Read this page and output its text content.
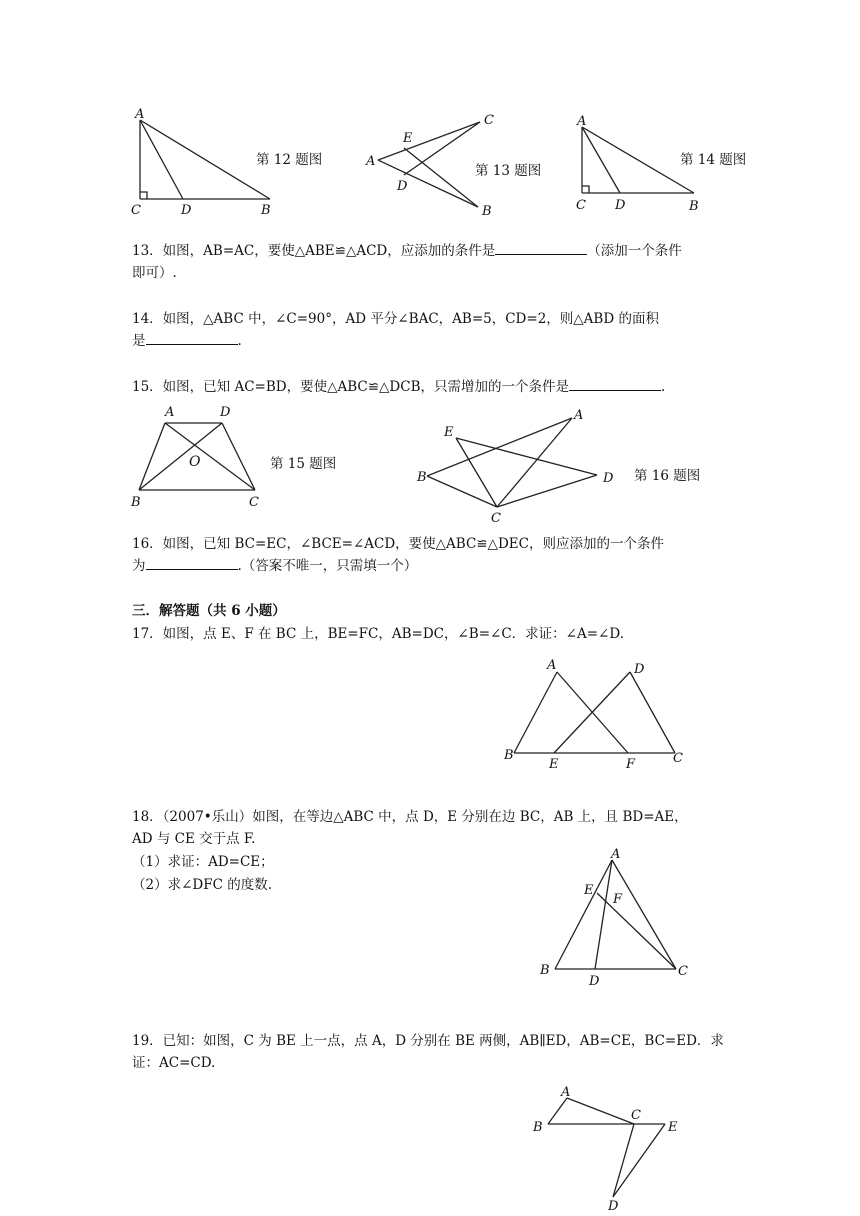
A
C	D	B
第 12 题图	A
E
D
C
B
第 13 题图
A
C D	B
第 14 题图
13．如图，AB=AC，要使△ABE≌△ACD，应添加的条件是	（添加一个条件
即可）.
14．如图，△ABC 中，∠C=90°，AD 平分∠BAC，AB=5，CD=2，则△ABD 的面积
是	.
15．如图，已知 AC=BD，要使△ABC≌△DCB，只需增加的一个条件是	.
A	D
O
B	C
第 15 题图
E
A
B	D
C
第 16 题图
16．如图，已知 BC=EC，∠BCE=∠ACD，要使△ABC≌△DEC，则应添加的一个条件
为	.（答案不唯一，只需填一个）
三．解答题（共 6 小题）
17．如图，点 E、F 在 BC 上，BE=FC，AB=DC，∠B=∠C．求证：∠A=∠D.
A	D
B
E	F	C
18．（2007•乐山）如图，在等边△ABC 中，点 D，E 分别在边 BC，AB 上，且 BD=AE，
AD 与 CE 交于点 F.
（1）求证：AD=CE；
（2）求∠DFC 的度数.
A
E
F
B
D
C
19．已知：如图，C 为 BE 上一点，点 A，D 分别在 BE 两侧，AB∥ED，AB=CE，BC=ED．求
证：AC=CD.
A
B
C
E
D
